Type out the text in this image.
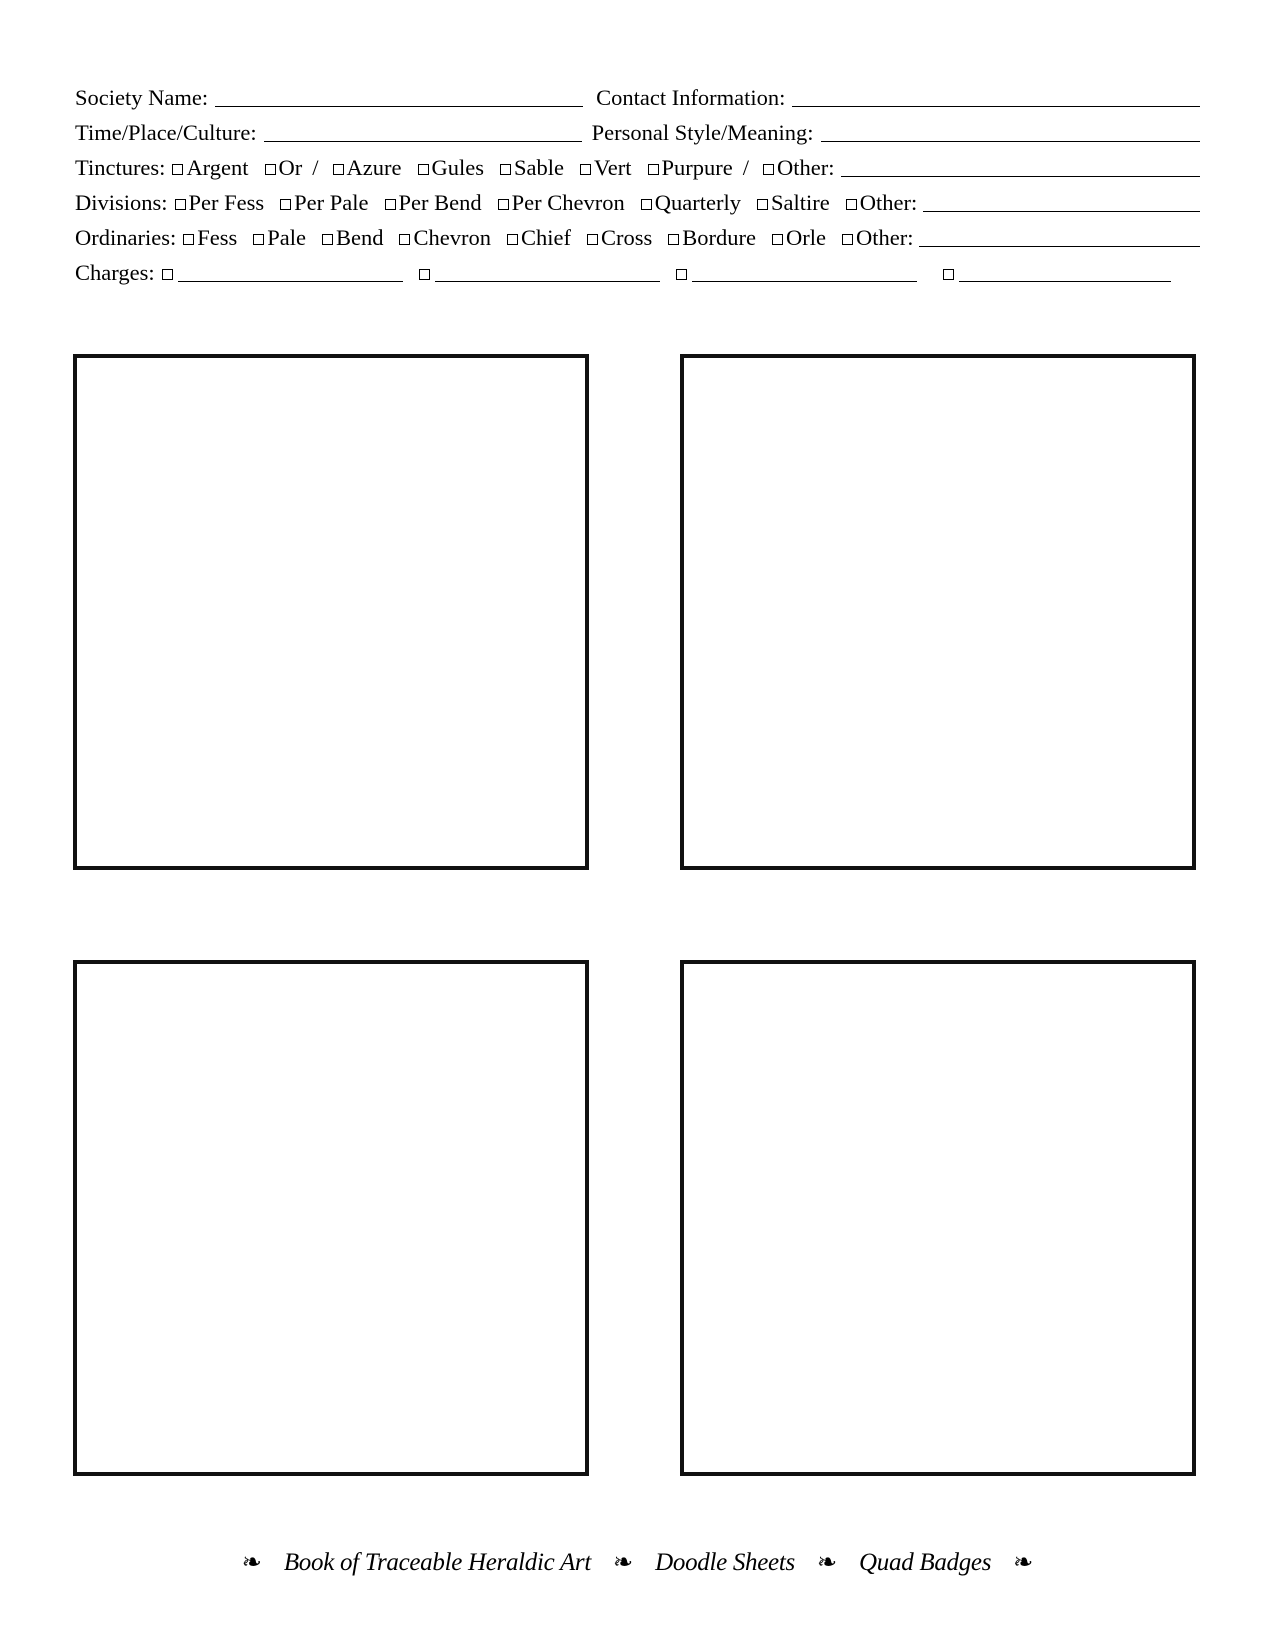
Society Name:	Contact Information:
Time/Place/Culture:	Personal Style/Meaning:
Tinctures: Argent Or / Azure Gules Sable Vert Purpure / Other:
Divisions: Per Fess Per Pale Per Bend Per Chevron Quarterly Saltire Other:
Ordinaries: Fess Pale Bend Chevron Chief Cross Bordure Orle Other:
Charges:
❧ Book of Traceable Heraldic Art ❧ Doodle Sheets ❧ Quad Badges ❧
